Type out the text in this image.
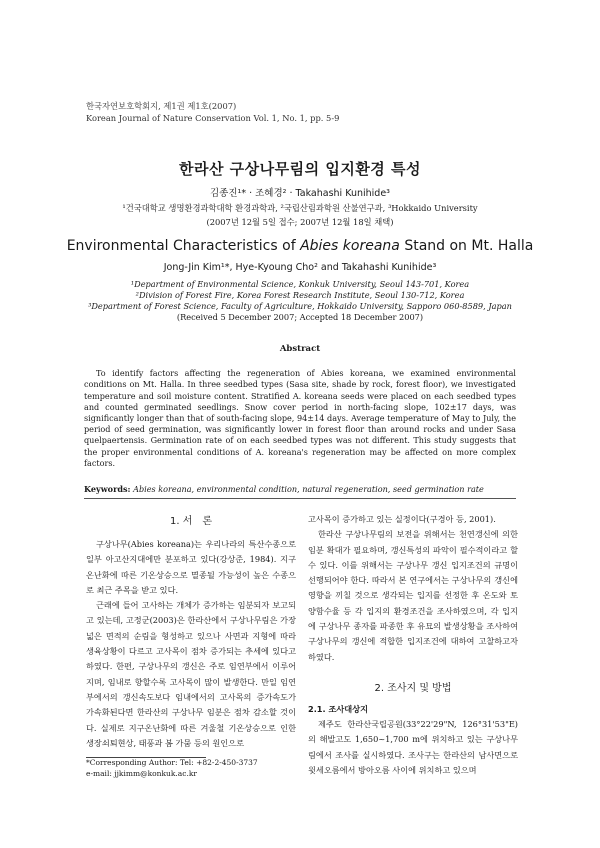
한국자연보호학회지, 제1권 제1호(2007)
Korean Journal of Nature Conservation Vol. 1, No. 1, pp. 5-9
한라산 구상나무림의 입지환경 특성
김종진¹* · 조혜경² · Takahashi Kunihide³
¹건국대학교 생명환경과학대학 환경과학과, ²국립산림과학원 산불연구과, ³Hokkaido University
(2007년 12월 5일 접수; 2007년 12월 18일 채택)
Environmental Characteristics of Abies koreana Stand on Mt. Halla
Jong-Jin Kim¹*, Hye-Kyoung Cho² and Takahashi Kunihide³
¹Department of Environmental Science, Konkuk University, Seoul 143-701, Korea
²Division of Forest Fire, Korea Forest Research Institute, Seoul 130-712, Korea
³Department of Forest Science, Faculty of Agriculture, Hokkaido University, Sapporo 060-8589, Japan
(Received 5 December 2007; Accepted 18 December 2007)
Abstract

To identify factors affecting the regeneration of Abies koreana, we examined environmental conditions on Mt. Halla. In three seedbed types (Sasa site, shade by rock, forest floor), we investigated temperature and soil moisture content. Stratified A. koreana seeds were placed on each seedbed types and counted germinated seedlings. Snow cover period in north-facing slope, 102±17 days, was significantly longer than that of south-facing slope, 94±14 days. Average temperature of May to July, the period of seed germination, was significantly lower in forest floor than around rocks and under Sasa quelpaertensis. Germination rate of on each seedbed types was not different. This study suggests that the proper environmental conditions of A. koreana's regeneration may be affected on more complex factors.

Keywords: Abies koreana, environmental condition, natural regeneration, seed germination rate
1. 서　론

구상나무(Abies koreana)는 우리나라의 특산수종으로 일부 아고산지대에만 분포하고 있다(강상준, 1984). 지구온난화에 따른 기온상승으로 멸종될 가능성이 높은 수종으로 최근 주목을 받고 있다.

근래에 들어 고사하는 개체가 증가하는 임분되자 보고되고 있는데, 고정군(2003)은 한라산에서 구상나무림은 가장 넓은 면적의 순림을 형성하고 있으나 사면과 지형에 따라 생육상황이 다르고 고사목이 점차 증가되는 추세에 있다고 하였다. 한편, 구상나무의 갱신은 주로 임연부에서 이루어지며, 임내로 향할수록 고사목이 많이 발생한다. 만일 임연부에서의 갱신속도보다 임내에서의 고사목의 증가속도가 가속화된다면 한라산의 구상나무 임분은 점차 감소할 것이다. 실제로 지구온난화에 따른 겨울철 기온상승으로 인한 생장쇠퇴현상, 태풍과 봄 가뭄 등의 원인으로

*Corresponding Author: Tel: +82-2-450-3737
e-mail: jjkimm@konkuk.ac.kr

고사목이 증가하고 있는 실정이다(구경아 등, 2001).

한라산 구상나무림의 보전을 위해서는 천연갱신에 의한 임분 확대가 필요하며, 갱신특성의 파악이 필수적이라고 할 수 있다. 이를 위해서는 구상나무 갱신 입지조건의 규명이 선행되어야 한다. 따라서 본 연구에서는 구상나무의 갱신에 영향을 끼칠 것으로 생각되는 입지를 선정한 후 온도와 토양함수율 등 각 입지의 환경조건을 조사하였으며, 각 입지에 구상나무 종자를 파종한 후 유묘의 발생상황을 조사하여 구상나무의 갱신에 적합한 입지조건에 대하여 고찰하고자 하였다.

2. 조사지 및 방법
2.1. 조사대상지

제주도 한라산국립공원(33°22'29"N, 126°31'53"E)의 해발고도 1,650~1,700 m에 위치하고 있는 구상나무림에서 조사를 실시하였다. 조사구는 한라산의 남사면으로 윗세오름에서 방아오름 사이에 위치하고 있으며
